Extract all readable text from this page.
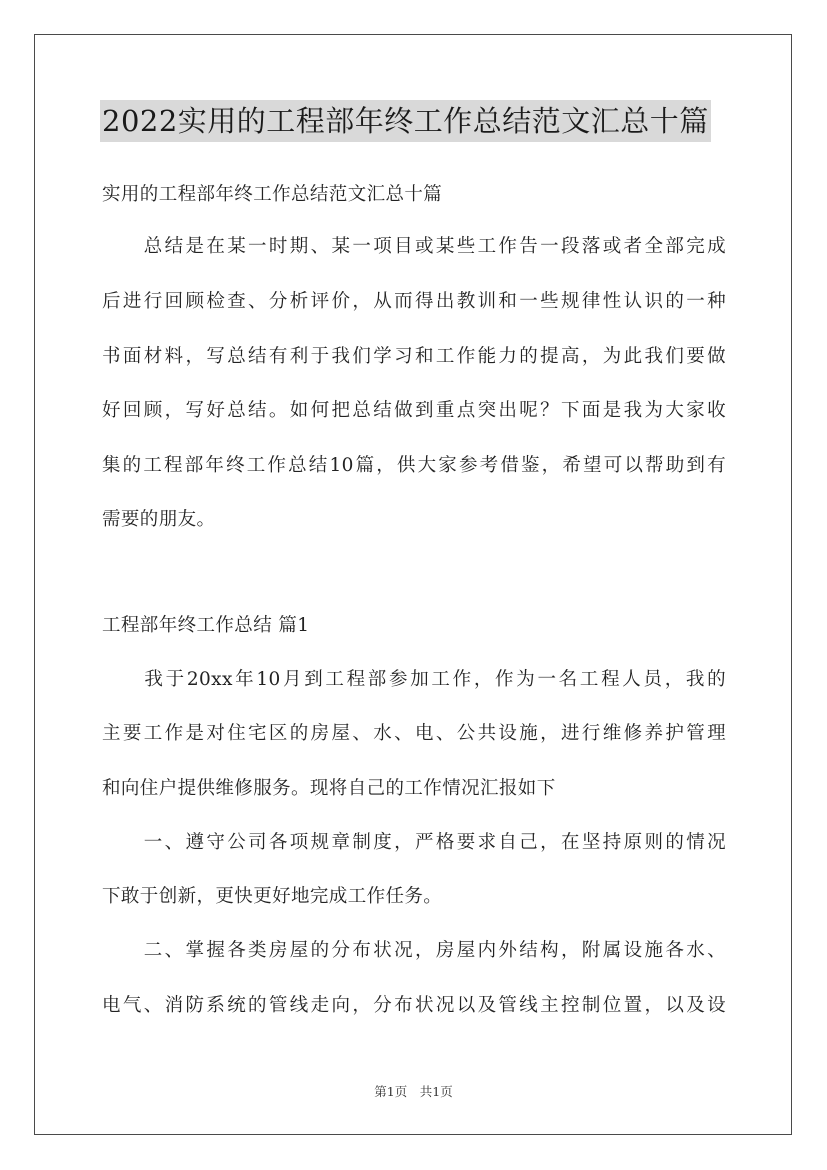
2022实用的工程部年终工作总结范文汇总十篇
实用的工程部年终工作总结范文汇总十篇
　　总结是在某一时期、某一项目或某些工作告一段落或者全部完成
后进行回顾检查、分析评价，从而得出教训和一些规律性认识的一种
书面材料，写总结有利于我们学习和工作能力的提高，为此我们要做
好回顾，写好总结。如何把总结做到重点突出呢？下面是我为大家收
集的工程部年终工作总结10篇，供大家参考借鉴，希望可以帮助到有
需要的朋友。
工程部年终工作总结 篇1
　　我于20xx年10月到工程部参加工作，作为一名工程人员，我的
主要工作是对住宅区的房屋、水、电、公共设施，进行维修养护管理
和向住户提供维修服务。现将自己的工作情况汇报如下
　　一、遵守公司各项规章制度，严格要求自己，在坚持原则的情况
下敢于创新，更快更好地完成工作任务。
　　二、掌握各类房屋的分布状况，房屋内外结构，附属设施各水、
电气、消防系统的管线走向，分布状况以及管线主控制位置，以及设
第1页　共1页
